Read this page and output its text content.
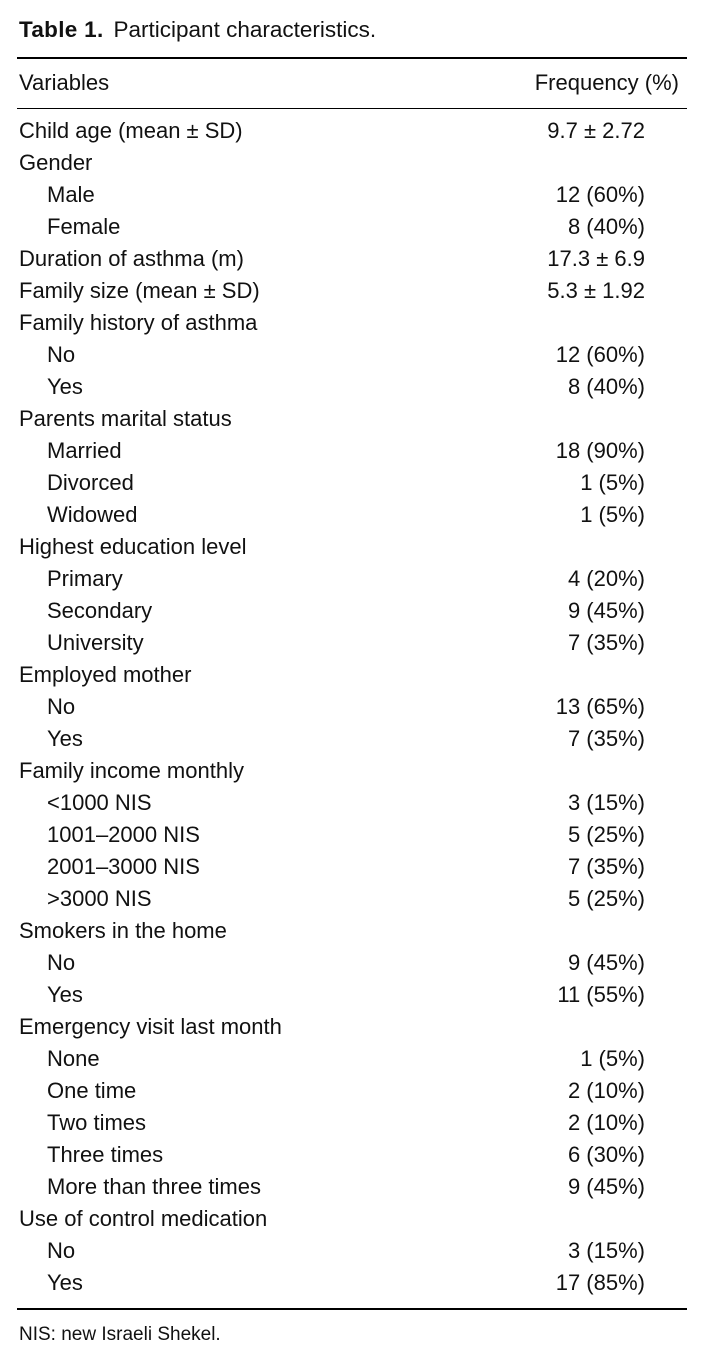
Table 1. Participant characteristics.
Variables	Frequency (%)
Child age (mean ± SD)	9.7 ± 2.72
Gender	
Male	12 (60%)
Female	8 (40%)
Duration of asthma (m)	17.3 ± 6.9
Family size (mean ± SD)	5.3 ± 1.92
Family history of asthma	
No	12 (60%)
Yes	8 (40%)
Parents marital status	
Married	18 (90%)
Divorced	1 (5%)
Widowed	1 (5%)
Highest education level	
Primary	4 (20%)
Secondary	9 (45%)
University	7 (35%)
Employed mother	
No	13 (65%)
Yes	7 (35%)
Family income monthly	
<1000 NIS	3 (15%)
1001–2000 NIS	5 (25%)
2001–3000 NIS	7 (35%)
>3000 NIS	5 (25%)
Smokers in the home	
No	9 (45%)
Yes	11 (55%)
Emergency visit last month	
None	1 (5%)
One time	2 (10%)
Two times	2 (10%)
Three times	6 (30%)
More than three times	9 (45%)
Use of control medication	
No	3 (15%)
Yes	17 (85%)
NIS: new Israeli Shekel.
